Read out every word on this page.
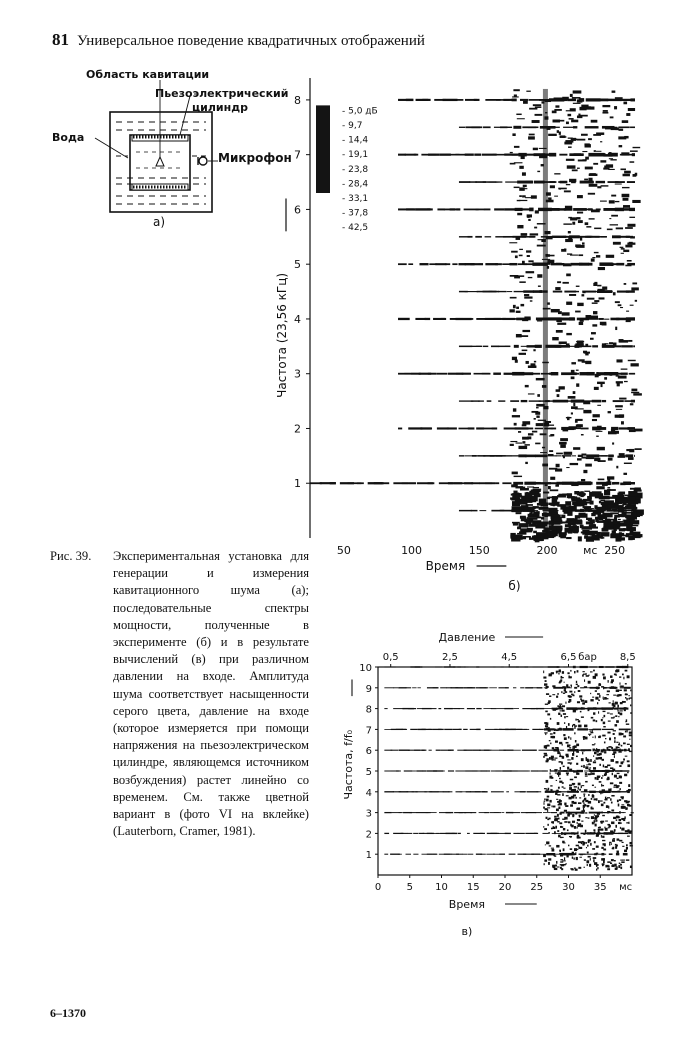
81 Универсальное поведение квадратичных отображений
Область кавитации
Пьезоэлектрический
цилиндр
Вода
Микрофон
а)
1
2
3
4
5
6
7
8
50	100	150	200	250
мс
Время
б)
Частота (23,56 кГц)
- 5,0 дБ
- 9,7
- 14,4
- 19,1
- 23,8
- 28,4
- 33,1
- 37,8
- 42,5
1
2
3
4
5
6
7
8
9
10
0	5 10 15 20 25 30 35 мс
0,5	2,5	4,5	6,5	8,5
бар
Давление
Время
в)
Частота, f/f₀
Рис. 39. Экспериментальная установка для генерации и измерения кавитационного шума (а); последовательные спектры мощности, полученные в эксперименте (б) и в результате вычислений (в) при различном давлении на входе. Амплитуда шума соответствует насыщенности серого цвета, давление на входе (которое измеряется при помощи напряжения на пьезоэлектрическом цилиндре, являющемся источником возбуждения) растет линейно со временем. См. также цветной вариант в (фото VI на вклейке) (Lauterborn, Cramer, 1981).
6–1370
